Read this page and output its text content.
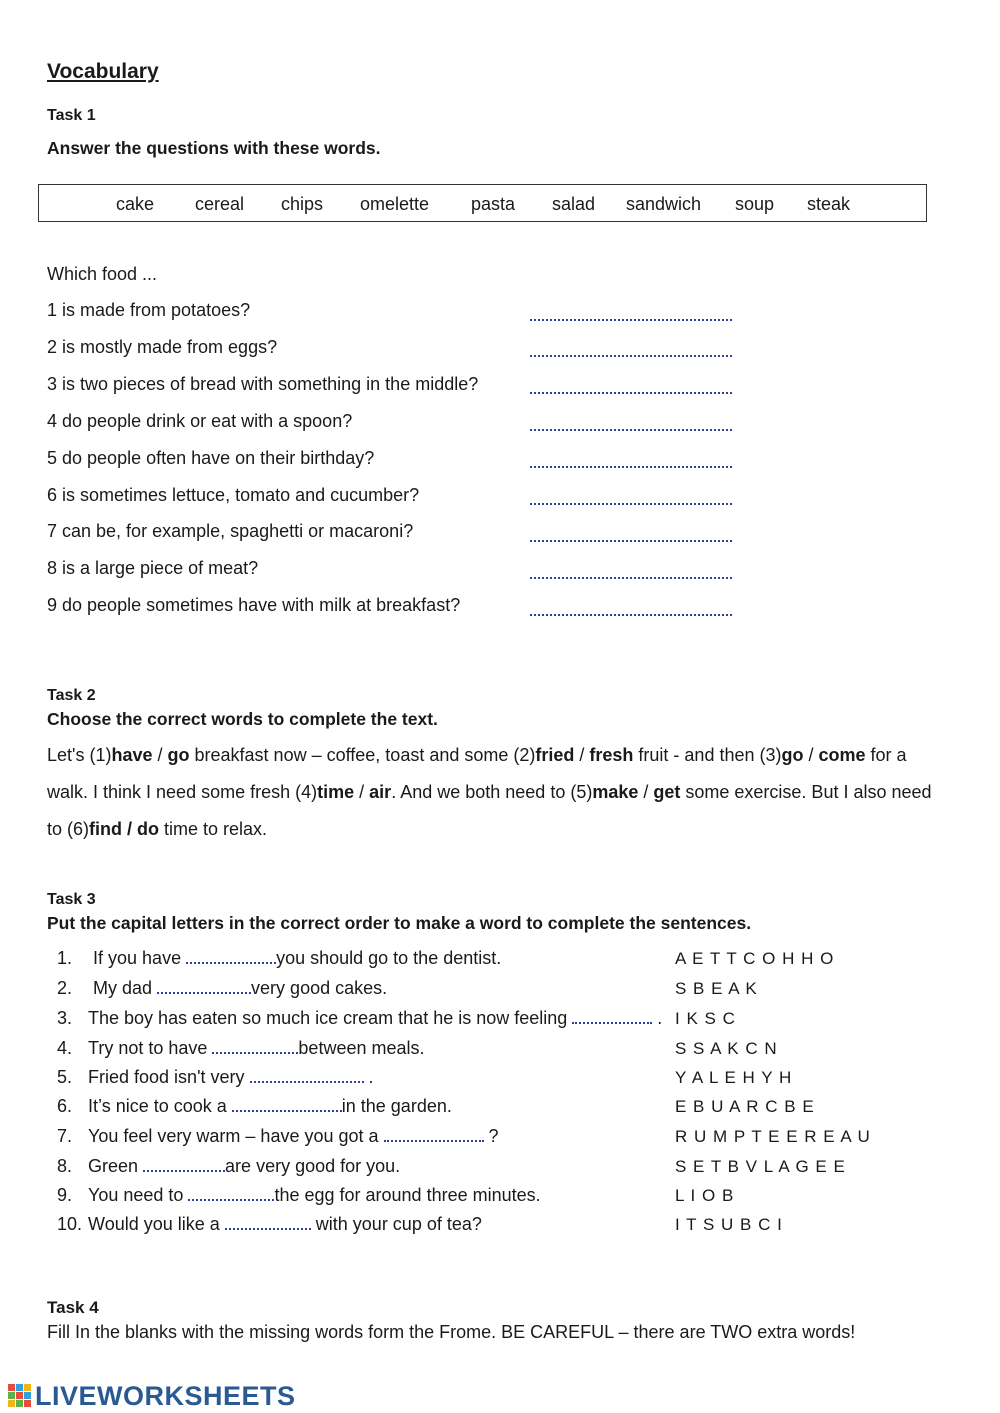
Vocabulary
Task 1
Answer the questions with these words.
cake cereal chips omelette pasta salad sandwich soup steak
Which food ...
1 is made from potatoes?
2 is mostly made from eggs?
3 is two pieces of bread with something in the middle?
4 do people drink or eat with a spoon?
5 do people often have on their birthday?
6 is sometimes lettuce, tomato and cucumber?
7 can be, for example, spaghetti or macaroni?
8 is a large piece of meat?
9 do people sometimes have with milk at breakfast?
Task 2
Choose the correct words to complete the text.
Let's (1)have / go breakfast now – coffee, toast and some (2)fried / fresh fruit - and then (3)go / come for a
walk. I think I need some fresh (4)time / air. And we both need to (5)make / get some exercise. But I also need
to (6)find / do time to relax.
Task 3
Put the capital letters in the correct order to make a word to complete the sentences.
1. If you have	you should go to the dentist.	A E T T C O H H O
2. My dad	very good cakes.	S B E A K
3. The boy has eaten so much ice cream that he is now feeling	. I K S C
4. Try not to have	between meals.	S S A K C N
5. Fried food isn't very	.	Y A L E H Y H
6. It’s nice to cook a	in the garden.	E B U A R C B E
7. You feel very warm – have you got a	?	R U M P T E E R E A U
8. Green	are very good for you.	S E T B V L A G E E
9. You need to	the egg for around three minutes.	L I O B
10. Would you like a	with your cup of tea?	I T S U B C I
Task 4
Fill In the blanks with the missing words form the Frome. BE CAREFUL – there are TWO extra words!
LIVEWORKSHEETS
